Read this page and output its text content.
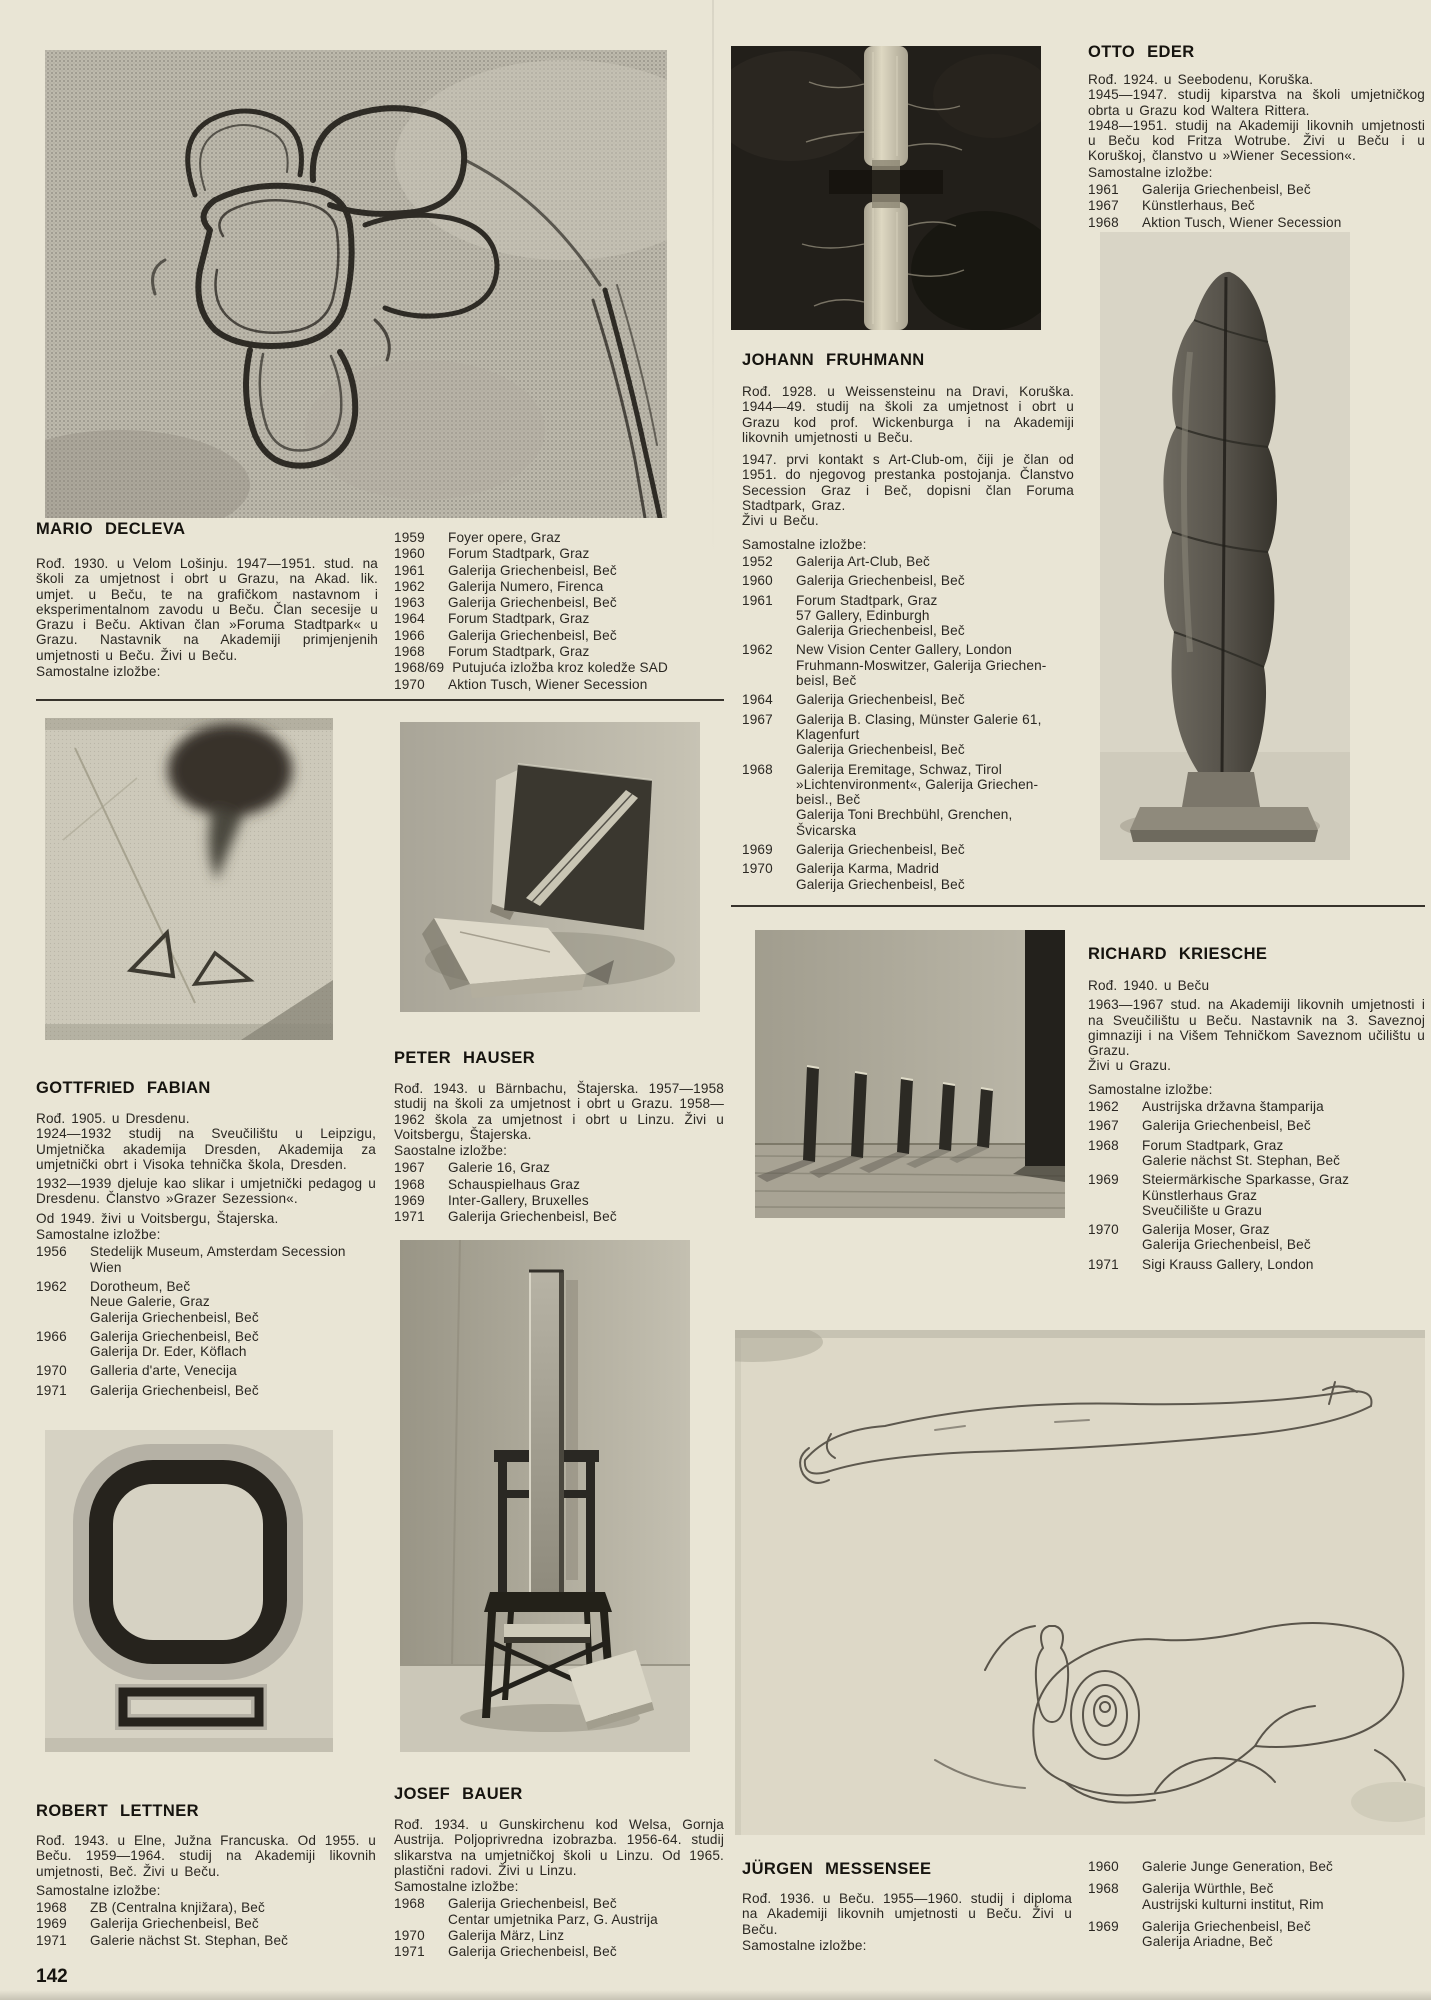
MARIO DECLEVA

Rođ. 1930. u Velom Lošinju. 1947—1951. stud. na školi za umjetnost i obrt u Grazu, na Akad. lik. umjet. u Beču, te na grafičkom nastavnom i eksperimentalnom zavodu u Beču. Član secesije u Grazu i Beču. Aktivan član »Foruma Stadtpark« u Grazu. Nastavnik na Akademiji primjenjenih umjetnosti u Beču. Živi u Beču.

Samostalne izložbe:
1959	Foyer opere, Graz
1960	Forum Stadtpark, Graz
1961	Galerija Griechenbeisl, Beč
1962	Galerija Numero, Firenca
1963	Galerija Griechenbeisl, Beč
1964	Forum Stadtpark, Graz
1966	Galerija Griechenbeisl, Beč
1968	Forum Stadtpark, Graz
1968/69 Putujuća izložba kroz koledže SAD
1970	Aktion Tusch, Wiener Secession
JOHANN FRUHMANN

Rođ. 1928. u Weissensteinu na Dravi, Koruška. 1944—49. studij na školi za umjetnost i obrt u Grazu kod prof. Wickenburga i na Akademiji likovnih umjetnosti u Beču.

1947. prvi kontakt s Art-Club-om, čiji je član od 1951. do njegovog prestanka postojanja. Članstvo Secession Graz i Beč, dopisni član Foruma Stadtpark, Graz.

Živi u Beču.

Samostalne izložbe:
1952	Galerija Art-Club, Beč
1960	Galerija Griechenbeisl, Beč
1961	Forum Stadtpark, Graz
57 Gallery, Edinburgh
Galerija Griechenbeisl, Beč
1962	New Vision Center Gallery, London
Fruhmann-Moswitzer, Galerija Griechen-
beisl, Beč
1964	Galerija Griechenbeisl, Beč
1967	Galerija B. Clasing, Münster Galerie 61,
Klagenfurt
Galerija Griechenbeisl, Beč
1968	Galerija Eremitage, Schwaz, Tirol
»Lichtenvironment«, Galerija Griechen-
beisl., Beč
Galerija Toni Brechbühl, Grenchen,
Švicarska
1969	Galerija Griechenbeisl, Beč
1970	Galerija Karma, Madrid
Galerija Griechenbeisl, Beč
OTTO EDER

Rođ. 1924. u Seebodenu, Koruška.

1945—1947. studij kiparstva na školi umjetničkog obrta u Grazu kod Waltera Rittera.

1948—1951. studij na Akademiji likovnih umjetnosti u Beču kod Fritza Wotrube. Živi u Beču i u Koruškoj, članstvo u »Wiener Secession«.

Samostalne izložbe:
1961	Galerija Griechenbeisl, Beč
1967	Künstlerhaus, Beč
1968	Aktion Tusch, Wiener Secession
GOTTFRIED FABIAN

Rođ. 1905. u Dresdenu.

1924—1932 studij na Sveučilištu u Leipzigu, Umjetnička akademija Dresden, Akademija za umjetnički obrt i Visoka tehnička škola, Dresden.

1932—1939 djeluje kao slikar i umjetnički pedagog u Dresdenu. Članstvo »Grazer Sezession«.

Od 1949. živi u Voitsbergu, Štajerska.

Samostalne izložbe:
1956	Stedelijk Museum, Amsterdam Secession
Wien
1962	Dorotheum, Beč
Neue Galerie, Graz
Galerija Griechenbeisl, Beč
1966	Galerija Griechenbeisl, Beč
Galerija Dr. Eder, Köflach
1970	Galleria d'arte, Venecija
1971	Galerija Griechenbeisl, Beč
PETER HAUSER

Rođ. 1943. u Bärnbachu, Štajerska. 1957—1958 studij na školi za umjetnost i obrt u Grazu. 1958—1962 škola za umjetnost i obrt u Linzu. Živi u Voitsbergu, Štajerska.

Saostalne izložbe:
1967	Galerie 16, Graz
1968	Schauspielhaus Graz
1969	Inter-Gallery, Bruxelles
1971	Galerija Griechenbeisl, Beč
RICHARD KRIESCHE

Rođ. 1940. u Beču

1963—1967 stud. na Akademiji likovnih umjetnosti i na Sveučilištu u Beču. Nastavnik na 3. Saveznoj gimnaziji i na Višem Tehničkom Saveznom učilištu u Grazu.

Živi u Grazu.

Samostalne izložbe:
1962	Austrijska državna štamparija
1967	Galerija Griechenbeisl, Beč
1968	Forum Stadtpark, Graz
Galerie nächst St. Stephan, Beč
1969	Steiermärkische Sparkasse, Graz
Künstlerhaus Graz
Sveučilište u Grazu
1970	Galerija Moser, Graz
Galerija Griechenbeisl, Beč
1971	Sigi Krauss Gallery, London
ROBERT LETTNER

Rođ. 1943. u Elne, Južna Francuska. Od 1955. u Beču. 1959—1964. studij na Akademiji likovnih umjetnosti, Beč. Živi u Beču.

Samostalne izložbe:
1968	ZB (Centralna knjižara), Beč
1969	Galerija Griechenbeisl, Beč
1971	Galerie nächst St. Stephan, Beč
JOSEF BAUER

Rođ. 1934. u Gunskirchenu kod Welsa, Gornja Austrija. Poljoprivredna izobrazba. 1956-64. studij slikarstva na umjetničkoj školi u Linzu. Od 1965. plastični radovi. Živi u Linzu.

Samostalne izložbe:
1968	Galerija Griechenbeisl, Beč
Centar umjetnika Parz, G. Austrija
1970	Galerija März, Linz
1971	Galerija Griechenbeisl, Beč
JÜRGEN MESSENSEE

Rođ. 1936. u Beču. 1955—1960. studij i diploma na Akademiji likovnih umjetnosti u Beču. Živi u Beču.

Samostalne izložbe:
1960	Galerie Junge Generation, Beč
1968	Galerija Würthle, Beč
Austrijski kulturni institut, Rim
1969	Galerija Griechenbeisl, Beč
Galerija Ariadne, Beč
142
